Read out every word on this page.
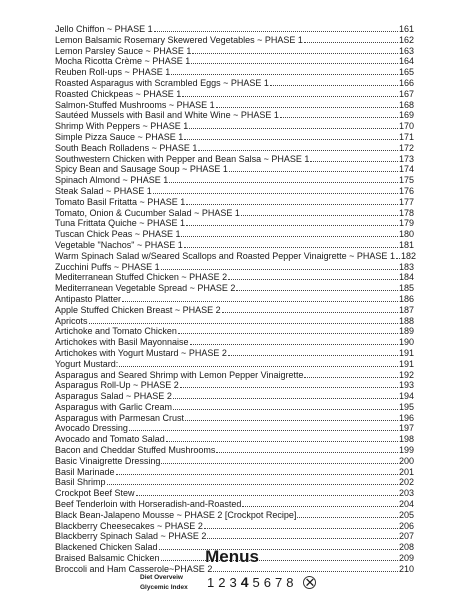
Jello Chiffon ~ PHASE 1	161
Lemon Balsamic Rosemary Skewered Vegetables ~ PHASE 1	162
Lemon Parsley Sauce ~ PHASE 1	163
Mocha Ricotta Crème ~ PHASE 1	164
Reuben Roll-ups ~ PHASE 1	165
Roasted Asparagus with Scrambled Eggs ~ PHASE 1	166
Roasted Chickpeas ~ PHASE 1	167
Salmon-Stuffed Mushrooms ~ PHASE 1	168
Sautéed Mussels with Basil and White Wine ~ PHASE 1	169
Shrimp With Peppers ~ PHASE 1	170
Simple Pizza Sauce ~ PHASE 1	171
South Beach Rolladens ~ PHASE 1	172
Southwestern Chicken with Pepper and Bean Salsa ~ PHASE 1	173
Spicy Bean and Sausage Soup ~ PHASE 1	174
Spinach Almond ~ PHASE 1	175
Steak Salad ~ PHASE 1	176
Tomato Basil Fritatta ~ PHASE 1	177
Tomato, Onion & Cucumber Salad ~ PHASE 1	178
Tuna Frittata Quiche ~ PHASE 1	179
Tuscan Chick Peas ~ PHASE 1	180
Vegetable "Nachos" ~ PHASE 1	181
Warm Spinach Salad w/Seared Scallops and Roasted Pepper Vinaigrette ~ PHASE 1 182
Zucchini Puffs ~ PHASE 1	183
Mediterranean Stuffed Chicken ~ PHASE 2	184
Mediterranean Vegetable Spread ~ PHASE 2	185
Antipasto Platter	186
Apple Stuffed Chicken Breast ~ PHASE 2	187
Apricots	188
Artichoke and Tomato Chicken	189
Artichokes with Basil Mayonnaise	190
Artichokes with Yogurt Mustard ~ PHASE 2	191
Yogurt Mustard:	191
Asparagus and Seared Shrimp with Lemon Pepper Vinaigrette	192
Asparagus Roll-Up ~ PHASE 2	193
Asparagus Salad ~ PHASE 2	194
Asparagus with Garlic Cream	195
Asparagus with Parmesan Crust	196
Avocado Dressing	197
Avocado and Tomato Salad	198
Bacon and Cheddar Stuffed Mushrooms	199
Basic Vinaigrette Dressing	200
Basil Marinade	201
Basil Shrimp	202
Crockpot Beef Stew	203
Beef Tenderloin with Horseradish-and-Roasted	204
Black Bean-Jalapeno Mousse ~ PHASE 2 [Crockpot Recipe]	205
Blackberry Cheesecakes ~ PHASE 2	206
Blackberry Spinach Salad ~ PHASE 2	207
Blackened Chicken Salad	208
Braised Balsamic Chicken	209
Broccoli and Ham Casserole~PHASE 2	210
Menus
Diet Overveiw
Glycemic Index 1 2 3 4 5 6 7 8 ✕
